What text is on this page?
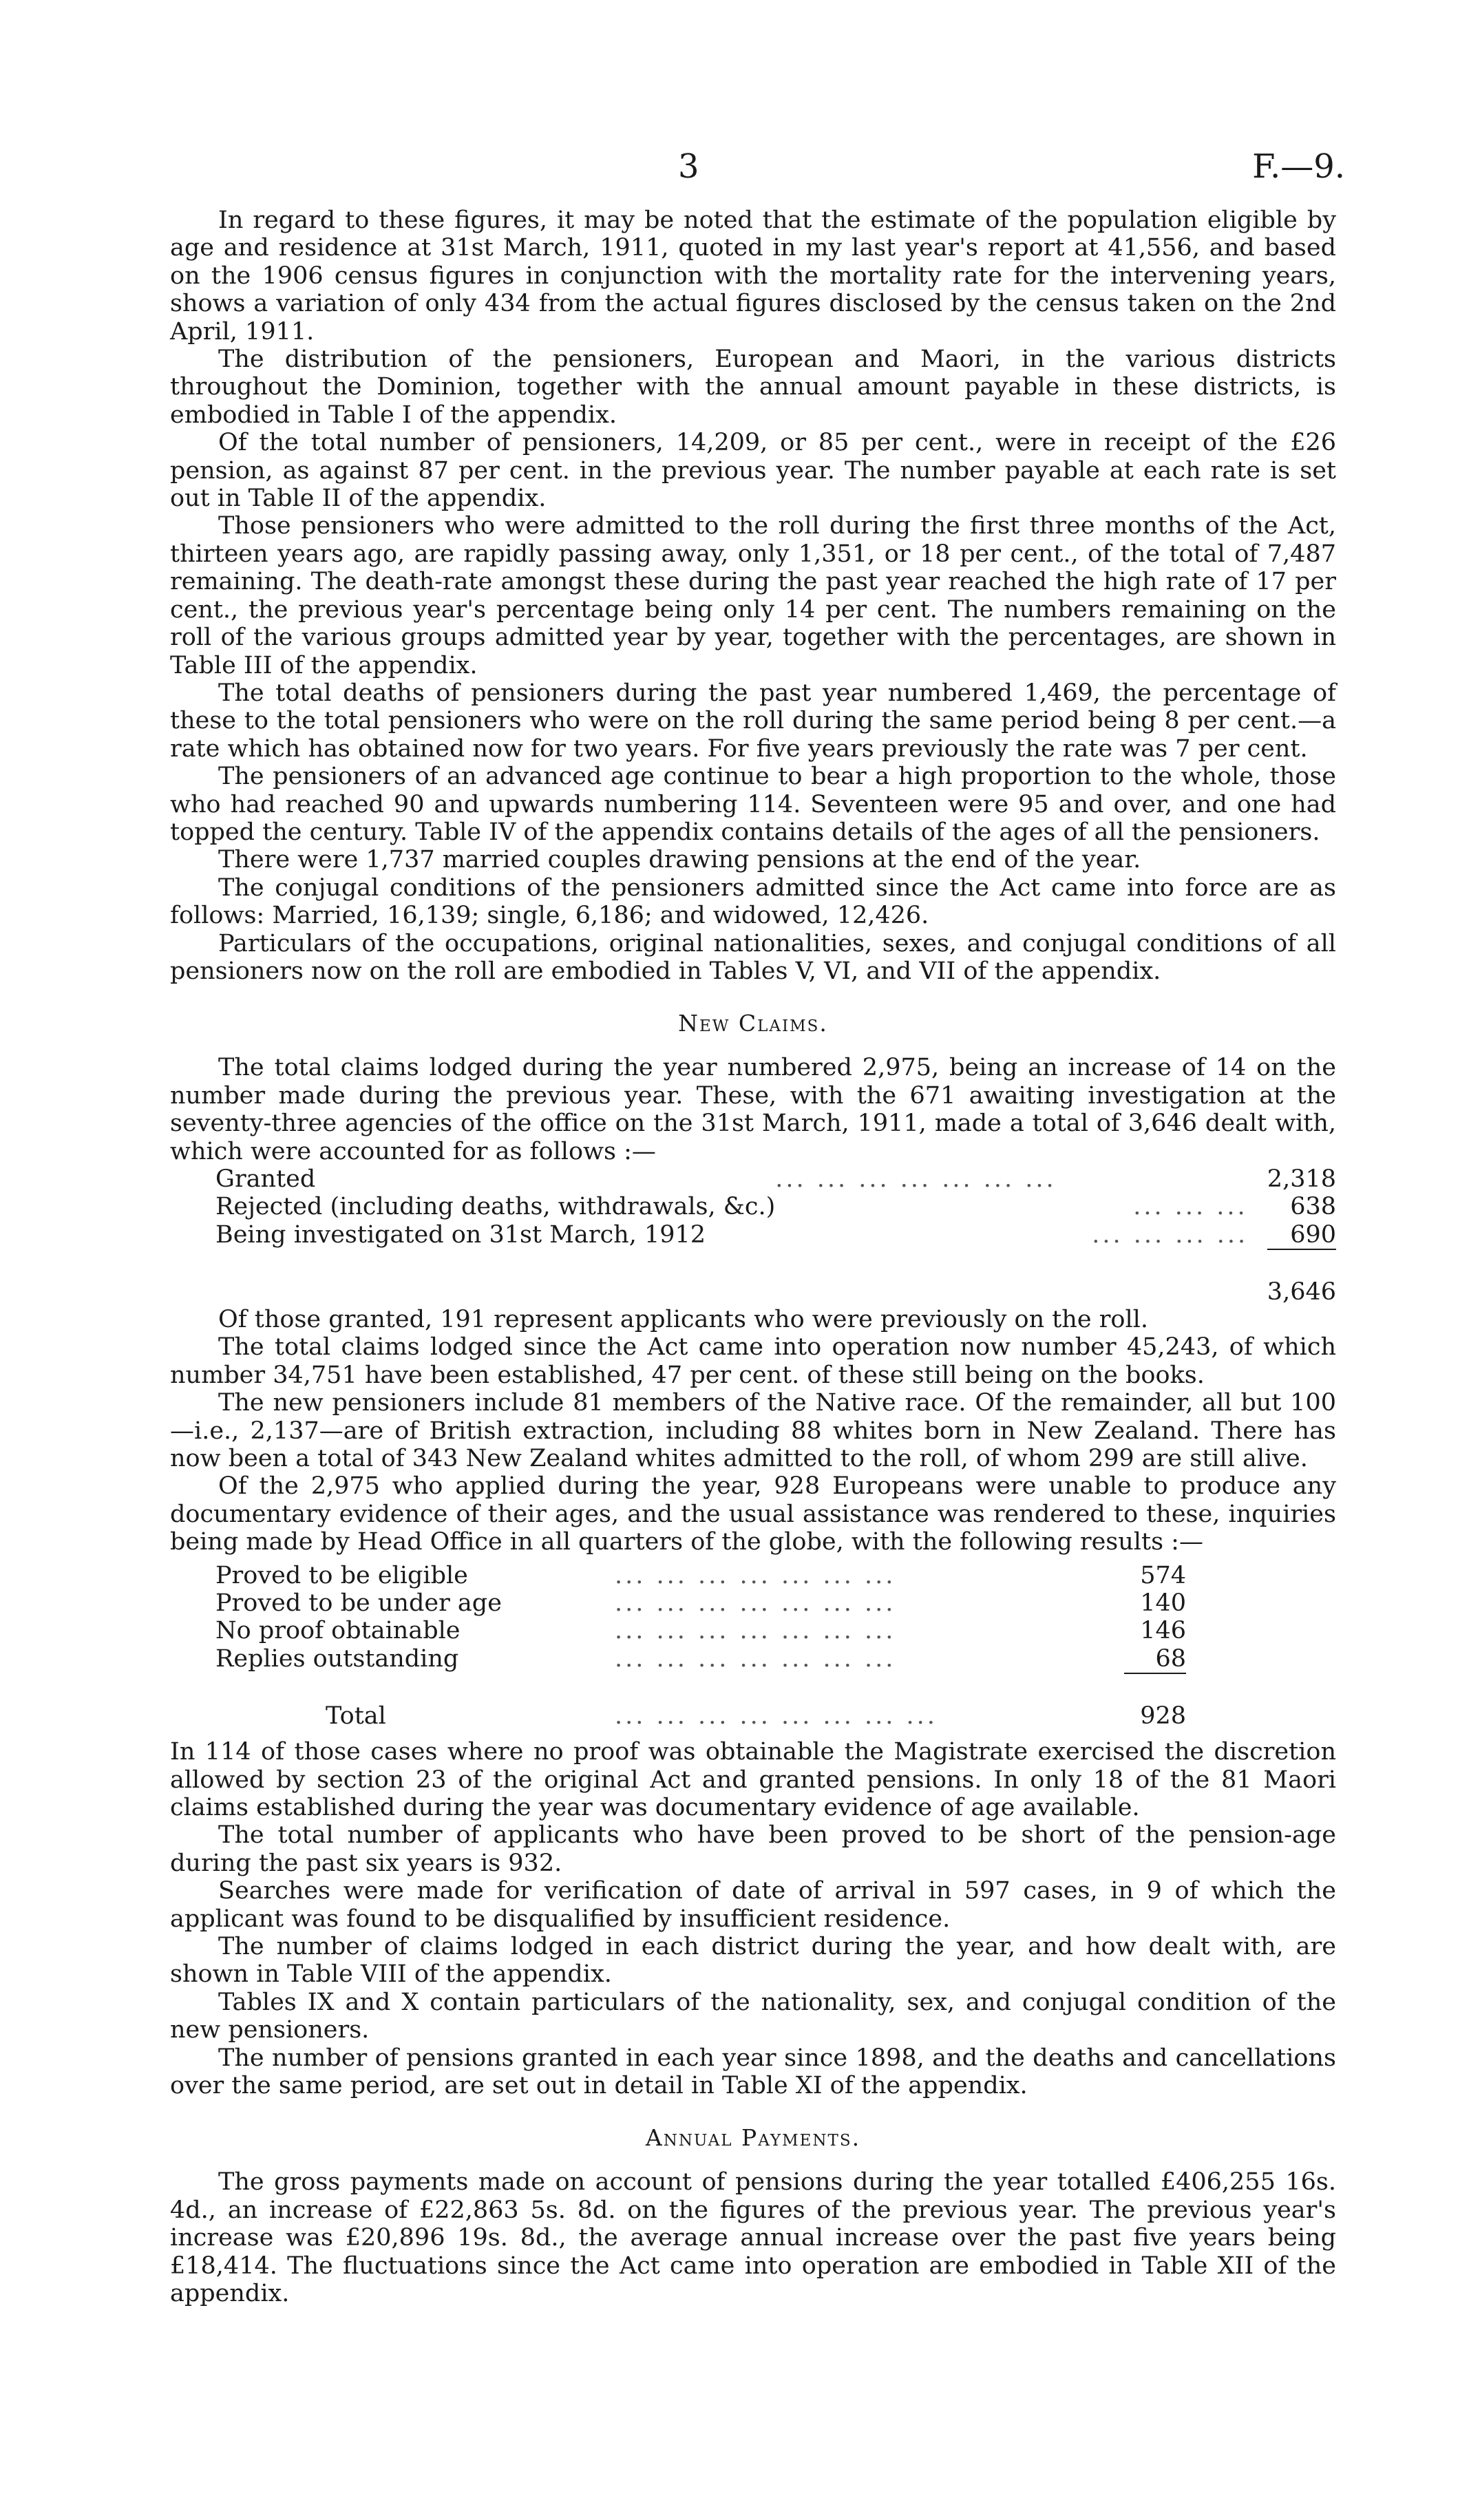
3	F.—9.

In regard to these figures, it may be noted that the estimate of the population eligible by age and residence at 31st March, 1911, quoted in my last year's report at 41,556, and based on the 1906 census figures in conjunction with the mortality rate for the intervening years, shows a variation of only 434 from the actual figures disclosed by the census taken on the 2nd April, 1911.

The distribution of the pensioners, European and Maori, in the various districts throughout the Dominion, together with the annual amount payable in these districts, is embodied in Table I of the appendix.

Of the total number of pensioners, 14,209, or 85 per cent., were in receipt of the £26 pension, as against 87 per cent. in the previous year. The number payable at each rate is set out in Table II of the appendix.

Those pensioners who were admitted to the roll during the first three months of the Act, thirteen years ago, are rapidly passing away, only 1,351, or 18 per cent., of the total of 7,487 remaining. The death-rate amongst these during the past year reached the high rate of 17 per cent., the previous year's percentage being only 14 per cent. The numbers remaining on the roll of the various groups admitted year by year, together with the percentages, are shown in Table III of the appendix.

The total deaths of pensioners during the past year numbered 1,469, the percentage of these to the total pensioners who were on the roll during the same period being 8 per cent.—a rate which has obtained now for two years. For five years previously the rate was 7 per cent.

The pensioners of an advanced age continue to bear a high proportion to the whole, those who had reached 90 and upwards numbering 114. Seventeen were 95 and over, and one had topped the century. Table IV of the appendix contains details of the ages of all the pensioners.

There were 1,737 married couples drawing pensions at the end of the year.

The conjugal conditions of the pensioners admitted since the Act came into force are as follows: Married, 16,139; single, 6,186; and widowed, 12,426.

Particulars of the occupations, original nationalities, sexes, and conjugal conditions of all pensioners now on the roll are embodied in Tables V, VI, and VII of the appendix.

New Claims.

The total claims lodged during the year numbered 2,975, being an increase of 14 on the number made during the previous year. These, with the 671 awaiting investigation at the seventy-three agencies of the office on the 31st March, 1911, made a total of 3,646 dealt with, which were accounted for as follows :—

Granted	... ... ... ... ... ... ...	2,318
Rejected (including deaths, withdrawals, &c.)	... ... ...	638
Being investigated on 31st March, 1912	... ... ... ...	690

		3,646

Of those granted, 191 represent applicants who were previously on the roll.

The total claims lodged since the Act came into operation now number 45,243, of which number 34,751 have been established, 47 per cent. of these still being on the books.

The new pensioners include 81 members of the Native race. Of the remainder, all but 100—i.e., 2,137—are of British extraction, including 88 whites born in New Zealand. There has now been a total of 343 New Zealand whites admitted to the roll, of whom 299 are still alive.

Of the 2,975 who applied during the year, 928 Europeans were unable to produce any documentary evidence of their ages, and the usual assistance was rendered to these, inquiries being made by Head Office in all quarters of the globe, with the following results :—

Proved to be eligible	... ... ... ... ... ... ...	574
Proved to be under age	... ... ... ... ... ... ...	140
No proof obtainable	... ... ... ... ... ... ...	146
Replies outstanding	... ... ... ... ... ... ...	68

Total	... ... ... ... ... ... ... ...	928

In 114 of those cases where no proof was obtainable the Magistrate exercised the discretion allowed by section 23 of the original Act and granted pensions. In only 18 of the 81 Maori claims established during the year was documentary evidence of age available.

The total number of applicants who have been proved to be short of the pension-age during the past six years is 932.

Searches were made for verification of date of arrival in 597 cases, in 9 of which the applicant was found to be disqualified by insufficient residence.

The number of claims lodged in each district during the year, and how dealt with, are shown in Table VIII of the appendix.

Tables IX and X contain particulars of the nationality, sex, and conjugal condition of the new pensioners.

The number of pensions granted in each year since 1898, and the deaths and cancellations over the same period, are set out in detail in Table XI of the appendix.

Annual Payments.

The gross payments made on account of pensions during the year totalled £406,255 16s. 4d., an increase of £22,863 5s. 8d. on the figures of the previous year. The previous year's increase was £20,896 19s. 8d., the average annual increase over the past five years being £18,414. The fluctuations since the Act came into operation are embodied in Table XII of the appendix.
